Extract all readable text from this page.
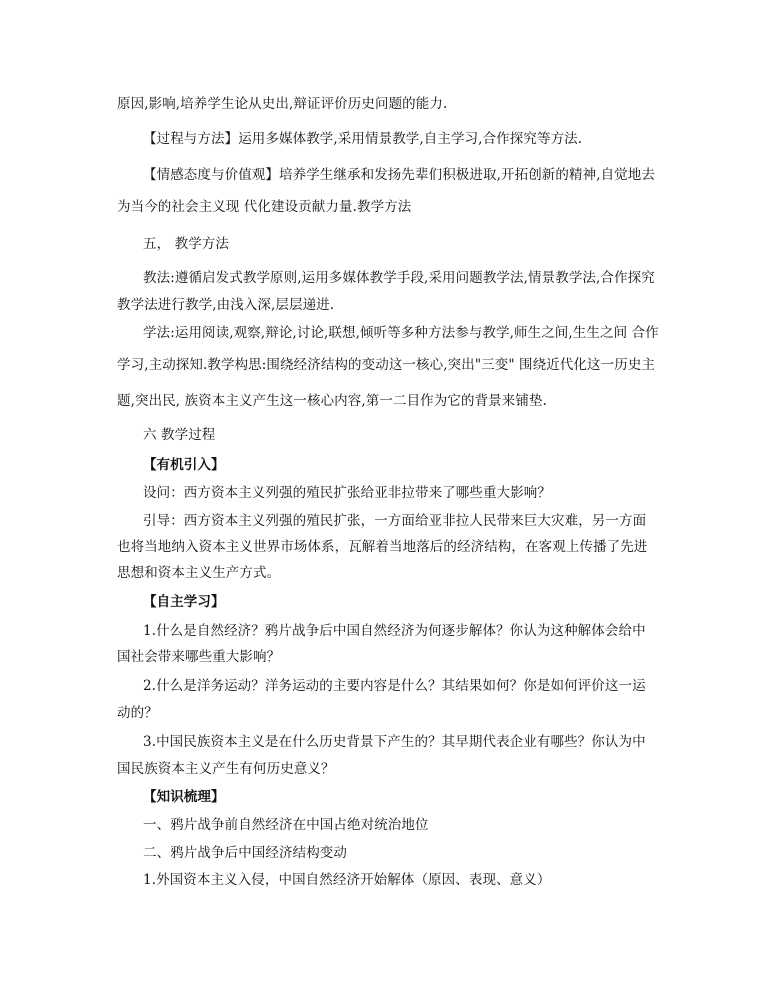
原因,影响,培养学生论从史出,辩证评价历史问题的能力.
【过程与方法】运用多媒体教学,采用情景教学,自主学习,合作探究等方法.
【情感态度与价值观】培养学生继承和发扬先辈们积极进取,开拓创新的精神,自觉地去
为当今的社会主义现 代化建设贡献力量.教学方法
五， 教学方法
教法:遵循启发式教学原则,运用多媒体教学手段,采用问题教学法,情景教学法,合作探究
教学法进行教学,由浅入深,层层递进.
学法:运用阅读,观察,辩论,讨论,联想,倾听等多种方法参与教学,师生之间,生生之间 合作
学习,主动探知.教学构思:围绕经济结构的变动这一核心,突出"三变" 围绕近代化这一历史主
题,突出民, 族资本主义产生这一核心内容,第一二目作为它的背景来铺垫.
六 教学过程
【有机引入】
设问：西方资本主义列强的殖民扩张给亚非拉带来了哪些重大影响？
引导：西方资本主义列强的殖民扩张，一方面给亚非拉人民带来巨大灾难，另一方面
也将当地纳入资本主义世界市场体系，瓦解着当地落后的经济结构，在客观上传播了先进
思想和资本主义生产方式。
【自主学习】
1.什么是自然经济？鸦片战争后中国自然经济为何逐步解体？你认为这种解体会给中
国社会带来哪些重大影响？
2.什么是洋务运动？洋务运动的主要内容是什么？其结果如何？你是如何评价这一运
动的？
3.中国民族资本主义是在什么历史背景下产生的？其早期代表企业有哪些？你认为中
国民族资本主义产生有何历史意义？
【知识梳理】
一、鸦片战争前自然经济在中国占绝对统治地位
二、鸦片战争后中国经济结构变动
1.外国资本主义入侵，中国自然经济开始解体（原因、表现、意义）
